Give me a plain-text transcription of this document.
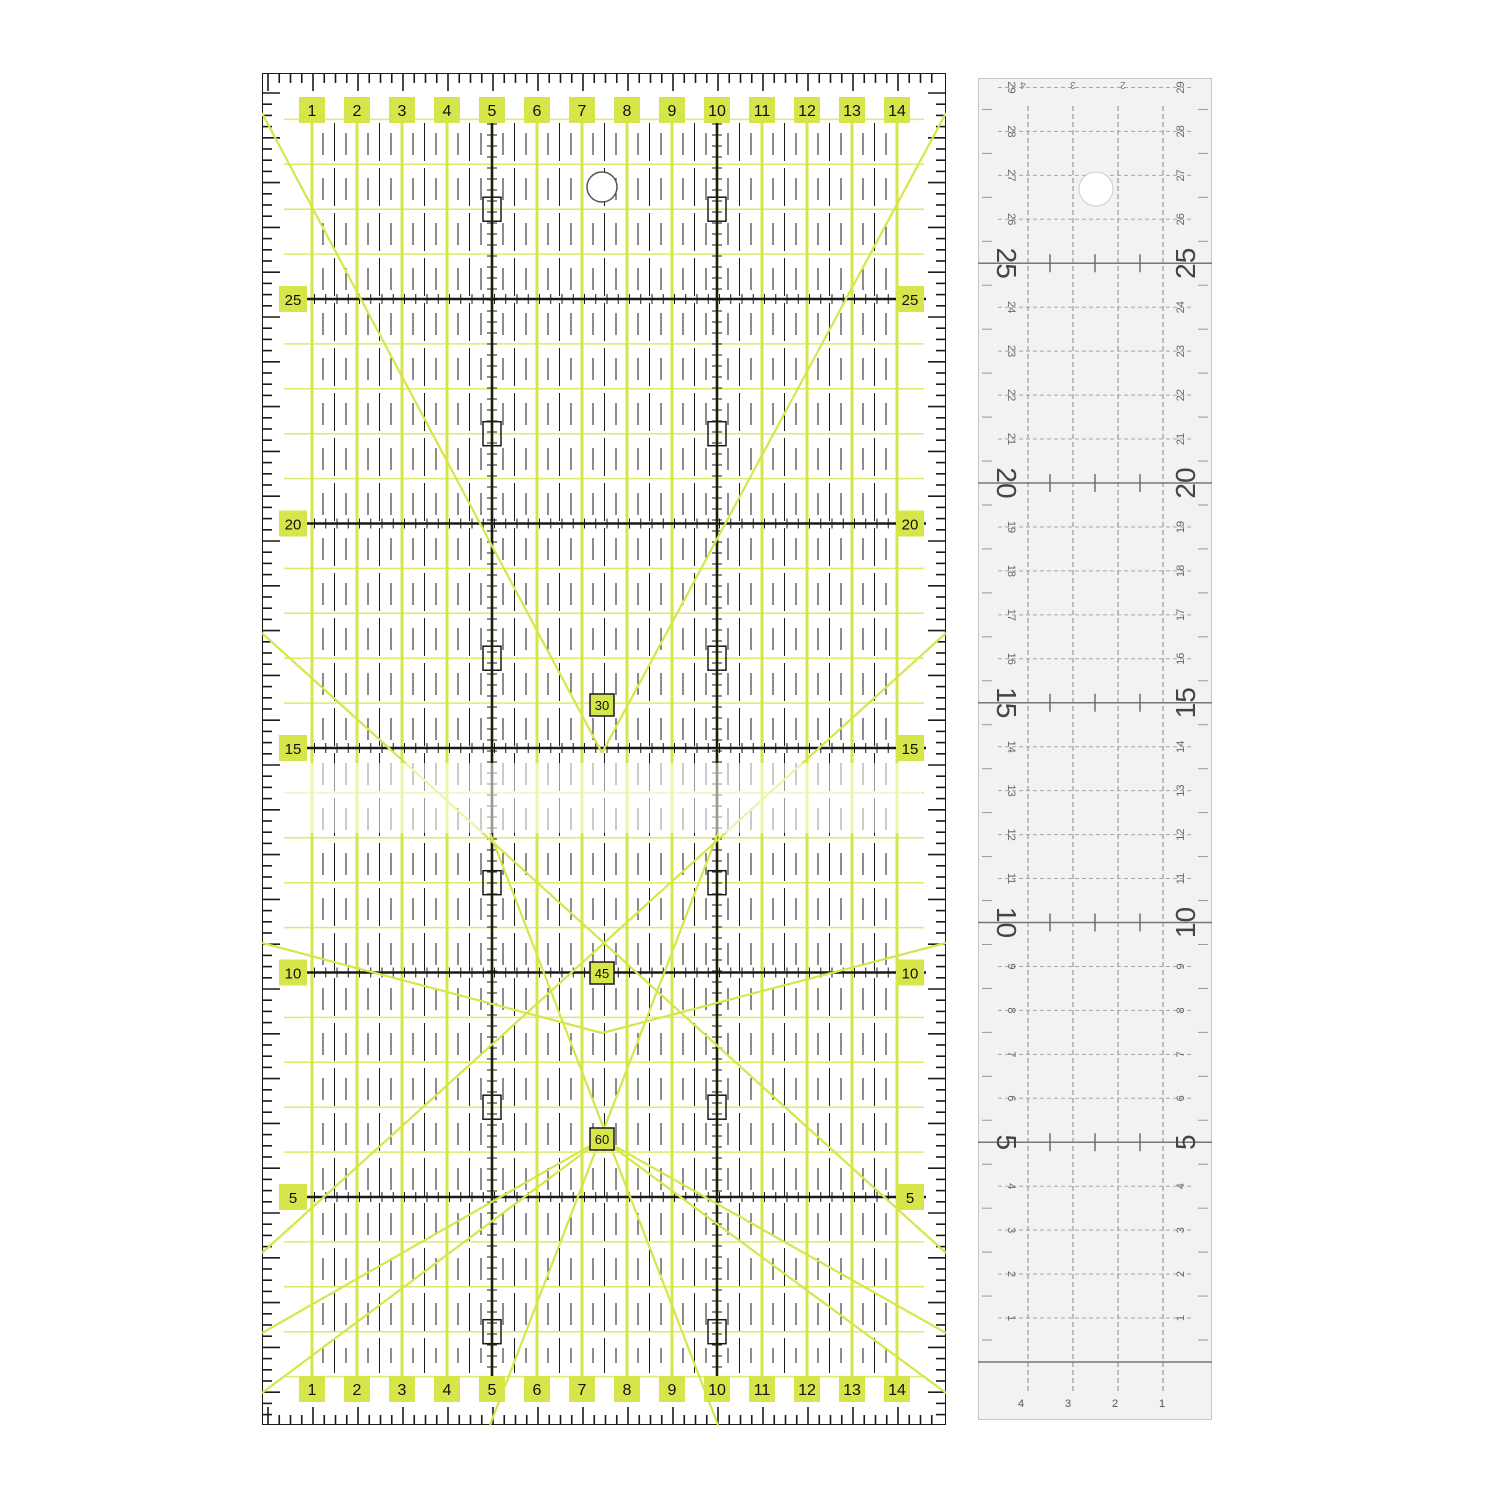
1
1
2
2
3
3
4
4
5
5
6
6
7
7
8
8
9
9
10
10
11
11
12
12
13
13
14
14
25	25
20	20
15	15
10	10
5	5
30
45
60
25	25
20	20
15	15
10	10
5	5
29	29
28	28
27	27
26	26
24	24
23	23
22	22
21	21
19	19
18	18
17	17
16	16
14	14
13	13
12	12
11	11
9	9
8	8
7	7
6	6
4	4
3	3
2	2
1	1
4	3	2	1
4	3	2
